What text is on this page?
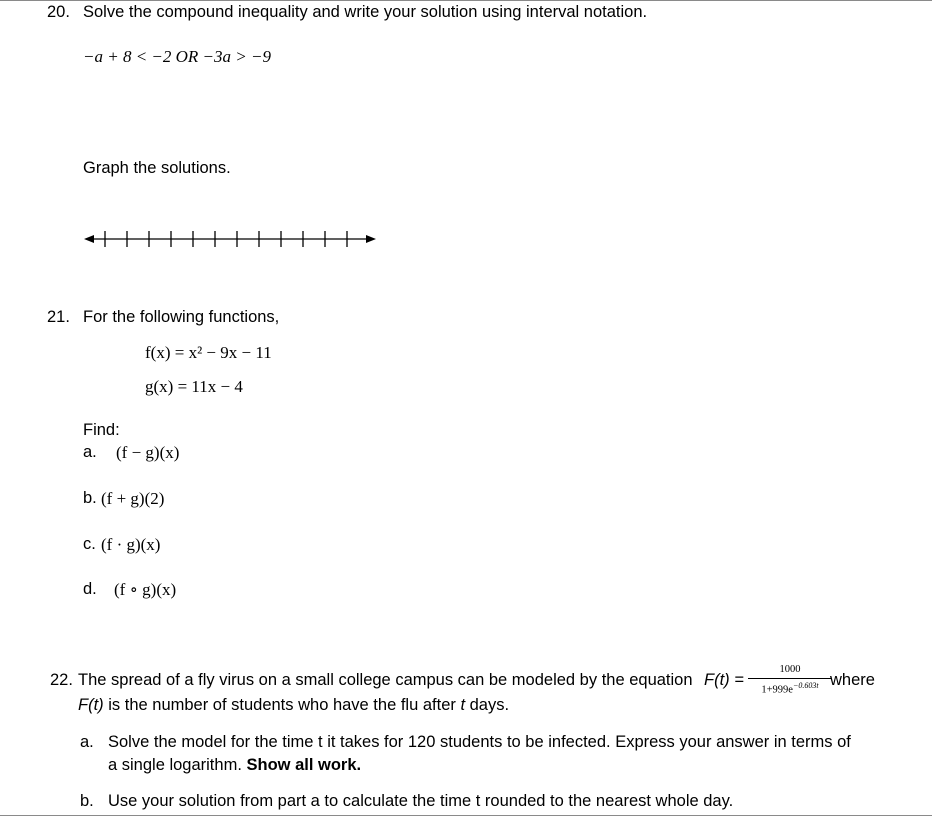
20. Solve the compound inequality and write your solution using interval notation.
−a + 8 < −2 OR −3a > −9
Graph the solutions.
21. For the following functions,
f(x) = x² − 9x − 11
g(x) = 11x − 4
Find:
a. (f − g)(x)
b. (f + g)(2)
c. (f · g)(x)
d. (f ∘ g)(x)
22. The spread of a fly virus on a small college campus can be modeled by the equation $F(t) = \frac{1000}{1+999e^{-0.603t}}$
where
F(t) is the number of students who have the flu after t days.
a. Solve the model for the time t it takes for 120 students to be infected. Express your answer in terms of
a single logarithm. Show all work.
b. Use your solution from part a to calculate the time t rounded to the nearest whole day.
